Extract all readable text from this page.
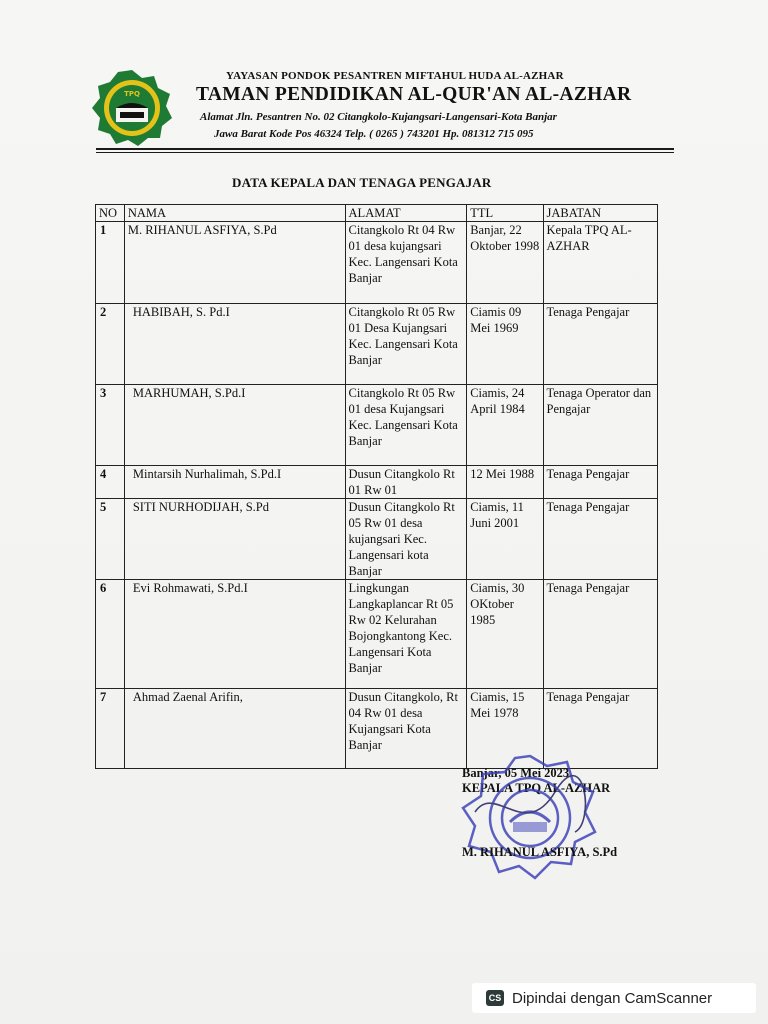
TPQ
YAYASAN PONDOK PESANTREN MIFTAHUL HUDA AL-AZHAR
TAMAN PENDIDIKAN AL-QUR'AN AL-AZHAR
Alamat Jln. Pesantren No. 02 Citangkolo-Kujangsari-Langensari-Kota Banjar
Jawa Barat Kode Pos 46324 Telp. ( 0265 ) 743201 Hp. 081312 715 095
DATA KEPALA DAN TENAGA PENGAJAR
NO	NAMA	ALAMAT	TTL	JABATAN
1	M. RIHANUL ASFIYA, S.Pd	Citangkolo Rt 04 Rw 01 desa kujangsari Kec. Langensari Kota Banjar	Banjar, 22 Oktober 1998	Kepala TPQ AL-AZHAR
2	HABIBAH, S. Pd.I	Citangkolo Rt 05 Rw 01 Desa Kujangsari Kec. Langensari Kota Banjar	Ciamis 09 Mei 1969	Tenaga Pengajar
3	MARHUMAH, S.Pd.I	Citangkolo Rt 05 Rw 01 desa Kujangsari Kec. Langensari Kota Banjar	Ciamis, 24 April 1984	Tenaga Operator dan Pengajar
4	Mintarsih Nurhalimah, S.Pd.I	Dusun Citangkolo Rt 01 Rw 01	12 Mei 1988	Tenaga Pengajar
5	SITI NURHODIJAH, S.Pd	Dusun Citangkolo Rt 05 Rw 01 desa kujangsari Kec. Langensari kota Banjar	Ciamis, 11 Juni 2001	Tenaga Pengajar
6	Evi Rohmawati, S.Pd.I	Lingkungan Langkaplancar Rt 05 Rw 02 Kelurahan Bojongkantong Kec. Langensari Kota Banjar	Ciamis, 30 OKtober 1985	Tenaga Pengajar
7	Ahmad Zaenal Arifin,	Dusun Citangkolo, Rt 04 Rw 01 desa Kujangsari Kota Banjar	Ciamis, 15 Mei 1978	Tenaga Pengajar
Banjar, 05 Mei 2023
KEPALA TPQ AL-AZHAR
M. RIHANUL ASFIYA, S.Pd
CS Dipindai dengan CamScanner
